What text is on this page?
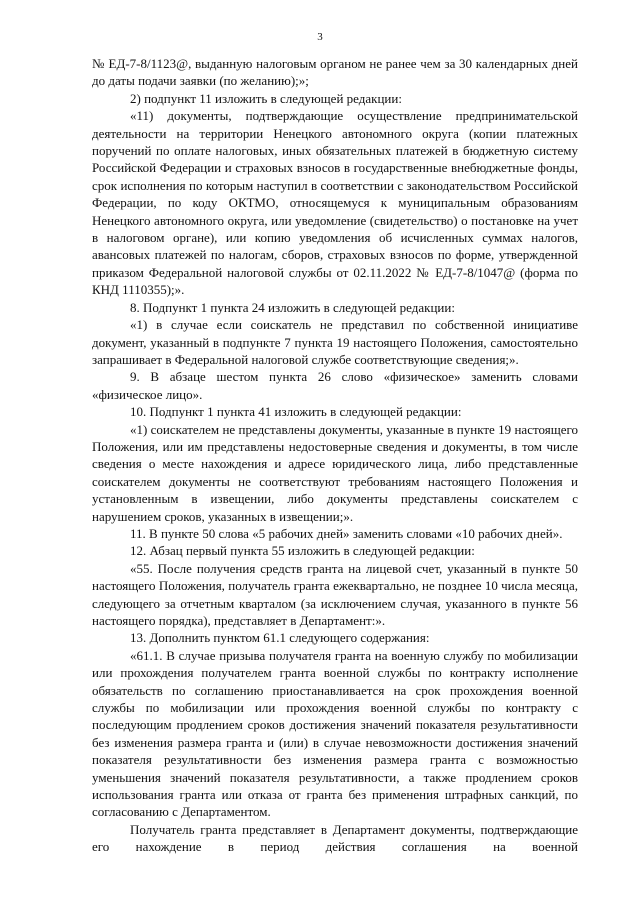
3

№ ЕД-7-8/1123@, выданную налоговым органом не ранее чем за 30 календарных дней до даты подачи заявки (по желанию);»;

2) подпункт 11 изложить в следующей редакции:

«11) документы, подтверждающие осуществление предпринимательской деятельности на территории Ненецкого автономного округа (копии платежных поручений по оплате налоговых, иных обязательных платежей в бюджетную систему Российской Федерации и страховых взносов в государственные внебюджетные фонды, срок исполнения по которым наступил в соответствии с законодательством Российской Федерации, по коду ОКТМО, относящемуся к муниципальным образованиям Ненецкого автономного округа, или уведомление (свидетельство) о постановке на учет в налоговом органе), или копию уведомления об исчисленных суммах налогов, авансовых платежей по налогам, сборов, страховых взносов по форме, утвержденной приказом Федеральной налоговой службы от 02.11.2022 № ЕД-7-8/1047@ (форма по КНД 1110355);».

8. Подпункт 1 пункта 24 изложить в следующей редакции:

«1) в случае если соискатель не представил по собственной инициативе документ, указанный в подпункте 7 пункта 19 настоящего Положения, самостоятельно запрашивает в Федеральной налоговой службе соответствующие сведения;».

9. В абзаце шестом пункта 26 слово «физическое» заменить словами «физическое лицо».

10. Подпункт 1 пункта 41 изложить в следующей редакции:

«1) соискателем не представлены документы, указанные в пункте 19 настоящего Положения, или им представлены недостоверные сведения и документы, в том числе сведения о месте нахождения и адресе юридического лица, либо представленные соискателем документы не соответствуют требованиям настоящего Положения и установленным в извещении, либо документы представлены соискателем с нарушением сроков, указанных в извещении;».

11. В пункте 50 слова «5 рабочих дней» заменить словами «10 рабочих дней».

12. Абзац первый пункта 55 изложить в следующей редакции:

«55. После получения средств гранта на лицевой счет, указанный в пункте 50 настоящего Положения, получатель гранта ежеквартально, не позднее 10 числа месяца, следующего за отчетным кварталом (за исключением случая, указанного в пункте 56 настоящего порядка), представляет в Департамент:».

13. Дополнить пунктом 61.1 следующего содержания:

«61.1. В случае призыва получателя гранта на военную службу по мобилизации или прохождения получателем гранта военной службы по контракту исполнение обязательств по соглашению приостанавливается на срок прохождения военной службы по мобилизации или прохождения военной службы по контракту с последующим продлением сроков достижения значений показателя результативности без изменения размера гранта и (или) в случае невозможности достижения значений показателя результативности без изменения размера гранта с возможностью уменьшения значений показателя результативности, а также продлением сроков использования гранта или отказа от гранта без применения штрафных санкций, по согласованию с Департаментом.

Получатель гранта представляет в Департамент документы, подтверждающие его нахождение в период действия соглашения на военной
